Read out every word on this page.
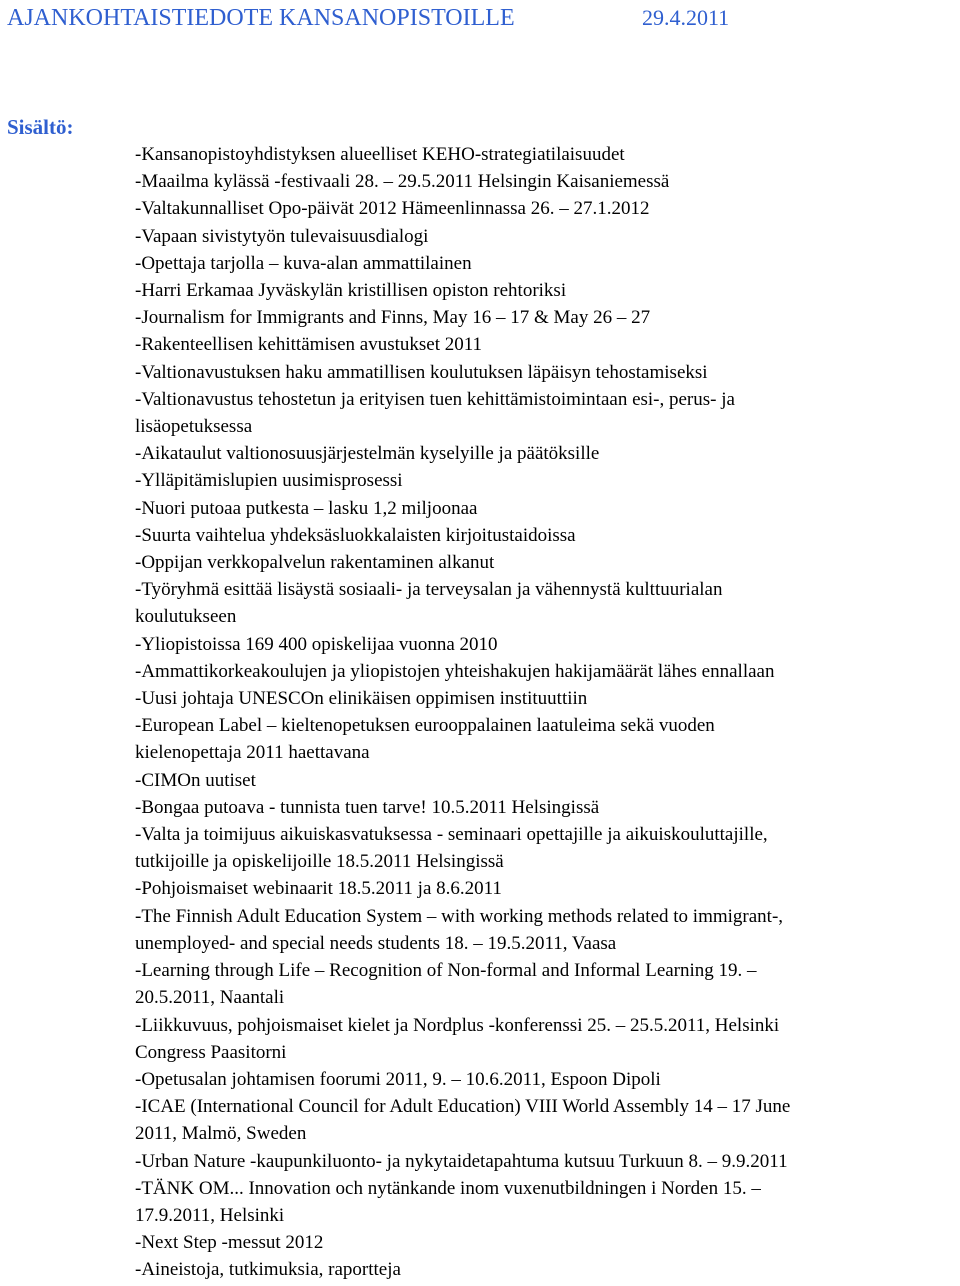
AJANKOHTAISTIEDOTE KANSANOPISTOILLE	29.4.2011
Sisältö:
-Kansanopistoyhdistyksen alueelliset KEHO-strategiatilaisuudet
-Maailma kylässä -festivaali 28. – 29.5.2011 Helsingin Kaisaniemessä
-Valtakunnalliset Opo-päivät 2012 Hämeenlinnassa 26. – 27.1.2012
-Vapaan sivistytyön tulevaisuusdialogi
-Opettaja tarjolla – kuva-alan ammattilainen
-Harri Erkamaa Jyväskylän kristillisen opiston rehtoriksi
-Journalism for Immigrants and Finns, May 16 – 17 & May 26 – 27
-Rakenteellisen kehittämisen avustukset 2011
-Valtionavustuksen haku ammatillisen koulutuksen läpäisyn tehostamiseksi
-Valtionavustus tehostetun ja erityisen tuen kehittämistoimintaan esi-, perus- ja
lisäopetuksessa
-Aikataulut valtionosuusjärjestelmän kyselyille ja päätöksille
-Ylläpitämislupien uusimisprosessi
-Nuori putoaa putkesta – lasku 1,2 miljoonaa
-Suurta vaihtelua yhdeksäsluokkalaisten kirjoitustaidoissa
-Oppijan verkkopalvelun rakentaminen alkanut
-Työryhmä esittää lisäystä sosiaali- ja terveysalan ja vähennystä kulttuurialan
koulutukseen
-Yliopistoissa 169 400 opiskelijaa vuonna 2010
-Ammattikorkeakoulujen ja yliopistojen yhteishakujen hakijamäärät lähes ennallaan
-Uusi johtaja UNESCOn elinikäisen oppimisen instituuttiin
-European Label – kieltenopetuksen eurooppalainen laatuleima sekä vuoden
kielenopettaja 2011 haettavana
-CIMOn uutiset
-Bongaa putoava - tunnista tuen tarve! 10.5.2011 Helsingissä
-Valta ja toimijuus aikuiskasvatuksessa - seminaari opettajille ja aikuiskouluttajille,
tutkijoille ja opiskelijoille 18.5.2011 Helsingissä
-Pohjoismaiset webinaarit 18.5.2011 ja 8.6.2011
-The Finnish Adult Education System – with working methods related to immigrant-,
unemployed- and special needs students 18. – 19.5.2011, Vaasa
-Learning through Life – Recognition of Non-formal and Informal Learning 19. –
20.5.2011, Naantali
-Liikkuvuus, pohjoismaiset kielet ja Nordplus -konferenssi 25. – 25.5.2011, Helsinki
Congress Paasitorni
-Opetusalan johtamisen foorumi 2011, 9. – 10.6.2011, Espoon Dipoli
-ICAE (International Council for Adult Education) VIII World Assembly 14 – 17 June
2011, Malmö, Sweden
-Urban Nature -kaupunkiluonto- ja nykytaidetapahtuma kutsuu Turkuun 8. – 9.9.2011
-TÄNK OM... Innovation och nytänkande inom vuxenutbildningen i Norden 15. –
17.9.2011, Helsinki
-Next Step -messut 2012
-Aineistoja, tutkimuksia, raportteja
